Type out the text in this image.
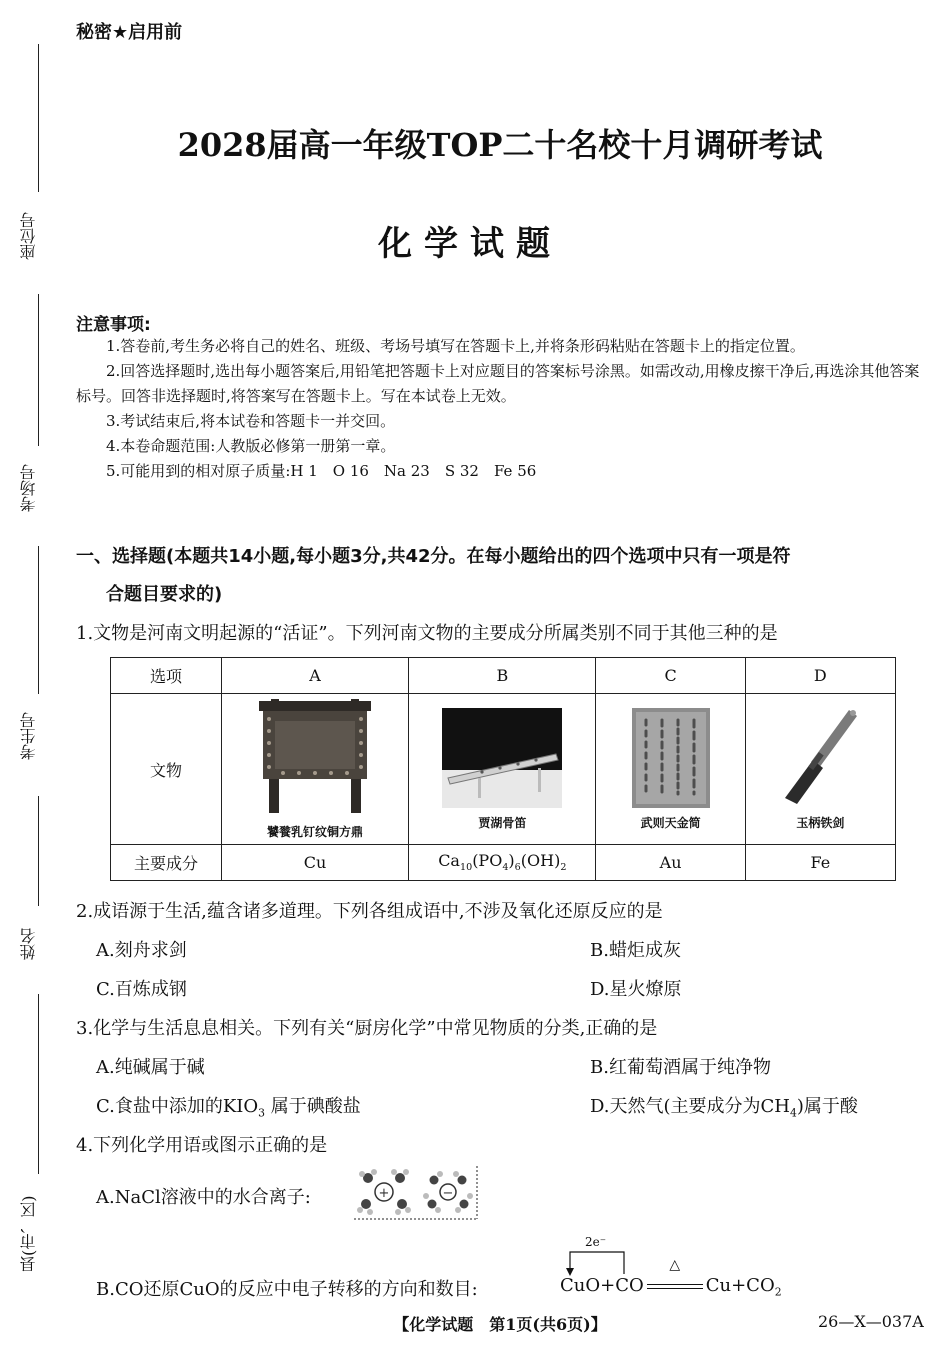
秘密★启用前
座位号
考场号
考生号
姓名
县(市、区)
2028届高一年级TOP二十名校十月调研考试
化学试题
注意事项:

1.答卷前,考生务必将自己的姓名、班级、考场号填写在答题卡上,并将条形码粘贴在答题卡上的指定位置。

2.回答选择题时,选出每小题答案后,用铅笔把答题卡上对应题目的答案标号涂黑。如需改动,用橡皮擦干净后,再选涂其他答案标号。回答非选择题时,将答案写在答题卡上。写在本试卷上无效。

3.考试结束后,将本试卷和答题卡一并交回。

4.本卷命题范围:人教版必修第一册第一章。

5.可能用到的相对原子质量:H 1　O 16　Na 23　S 32　Fe 56

一、选择题(本题共14小题,每小题3分,共42分。在每小题给出的四个选项中只有一项是符
合题目要求的)
1.文物是河南文明起源的“活证”。下列河南文物的主要成分所属类别不同于其他三种的是
选项	A	B	C	D
文物	饕餮乳钉纹铜方鼎	贾湖骨笛	武则天金简	玉柄铁剑

主要成分	Cu	$Ca_{10}(PO_4)_6(OH)_2$	Au	Fe
2.成语源于生活,蕴含诸多道理。下列各组成语中,不涉及氧化还原反应的是
A.刻舟求剑	B.蜡炬成灰
C.百炼成钢	D.星火燎原
3.化学与生活息息相关。下列有关“厨房化学”中常见物质的分类,正确的是
A.纯碱属于碱	B.红葡萄酒属于纯净物
C.食盐中添加的$KIO_3$ 属于碘酸盐	D.天然气(主要成分为$CH_4$)属于酸
4.下列化学用语或图示正确的是
A.NaCl溶液中的水合离子:	+	−
B.CO还原CuO的反应中电子转移的方向和数目:
2e⁻
CuO+CO
△
$Cu+CO_2$
【化学试题　第1页(共6页)】	26—X—037A
